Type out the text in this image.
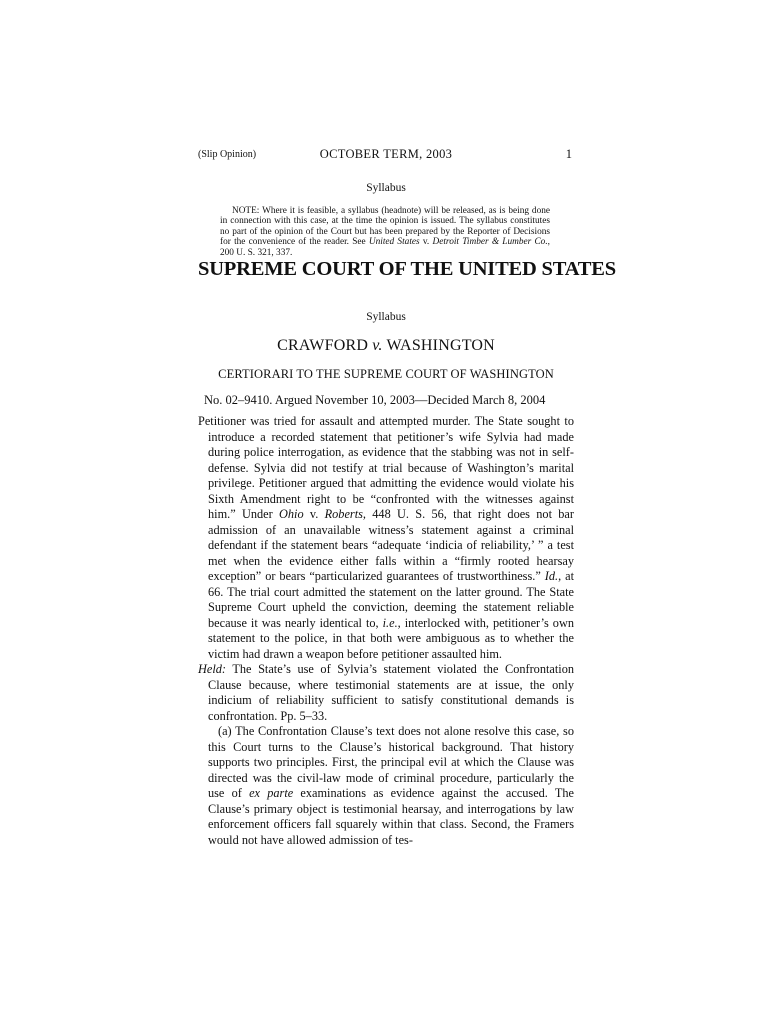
(Slip Opinion)	OCTOBER TERM, 2003	1
Syllabus

NOTE: Where it is feasible, a syllabus (headnote) will be released, as is being done in connection with this case, at the time the opinion is issued. The syllabus constitutes no part of the opinion of the Court but has been prepared by the Reporter of Decisions for the convenience of the reader. See United States v. Detroit Timber & Lumber Co., 200 U. S. 321, 337.

SUPREME COURT OF THE UNITED STATES
Syllabus
CRAWFORD v. WASHINGTON
CERTIORARI TO THE SUPREME COURT OF WASHINGTON
No. 02–9410. Argued November 10, 2003—Decided March 8, 2004

Petitioner was tried for assault and attempted murder. The State sought to introduce a recorded statement that petitioner’s wife Sylvia had made during police interrogation, as evidence that the stabbing was not in self-defense. Sylvia did not testify at trial because of Washington’s marital privilege. Petitioner argued that admitting the evidence would violate his Sixth Amendment right to be “confronted with the witnesses against him.” Under Ohio v. Roberts, 448 U. S. 56, that right does not bar admission of an unavailable witness’s statement against a criminal defendant if the statement bears “adequate ‘indicia of reliability,’ ” a test met when the evidence either falls within a “firmly rooted hearsay exception” or bears “particularized guarantees of trustworthiness.” Id., at 66. The trial court admitted the statement on the latter ground. The State Supreme Court upheld the conviction, deeming the statement reliable because it was nearly identical to, i.e., interlocked with, petitioner’s own statement to the police, in that both were ambiguous as to whether the victim had drawn a weapon before petitioner assaulted him.

Held: The State’s use of Sylvia’s statement violated the Confrontation Clause because, where testimonial statements are at issue, the only indicium of reliability sufficient to satisfy constitutional demands is confrontation. Pp. 5–33.

(a) The Confrontation Clause’s text does not alone resolve this case, so this Court turns to the Clause’s historical background. That history supports two principles. First, the principal evil at which the Clause was directed was the civil-law mode of criminal procedure, particularly the use of ex parte examinations as evidence against the accused. The Clause’s primary object is testimonial hearsay, and interrogations by law enforcement officers fall squarely within that class. Second, the Framers would not have allowed admission of tes-
